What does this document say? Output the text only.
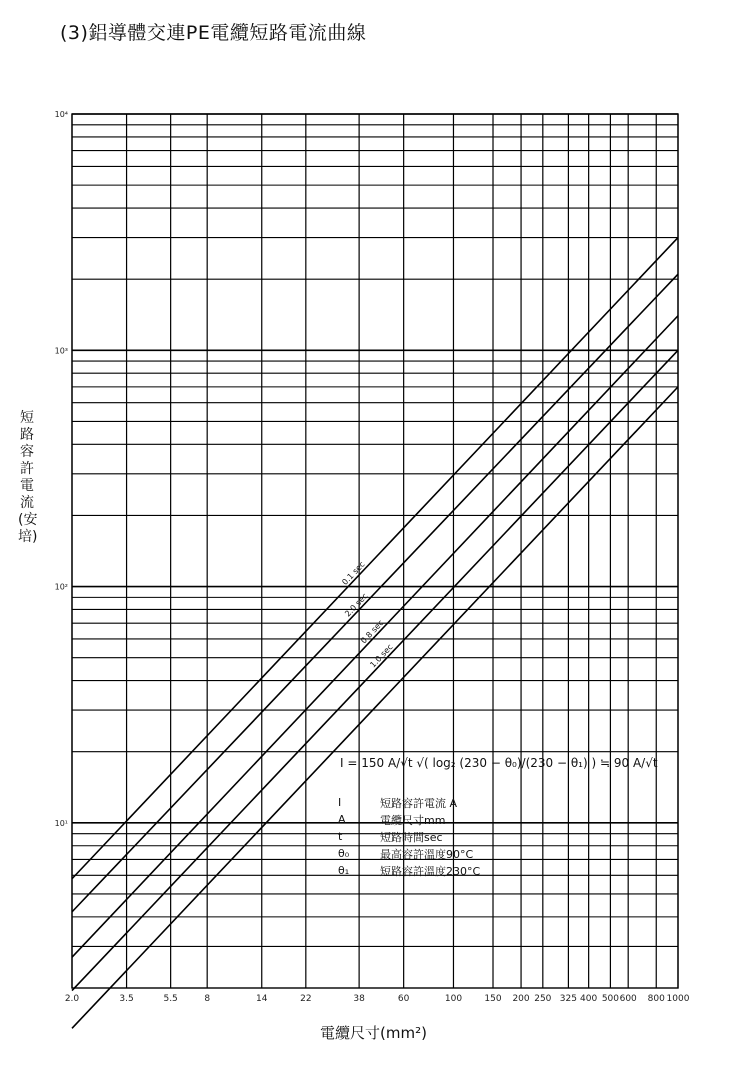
(3)鋁導體交連PE電纜短路電流曲線
0.1 sec
2.0 sec
0.8 sec
1.0 sec
2.0	3.5	5.5	8	14	22	38	60	100 150 200 250 325 400 500 600 800 1000
10¹
10²
10³
10⁴
I = 150 A/√t √( log₂ (230 − θ₀)/(230 − θ₁) ) ≒ 90 A/√t
I	短路容許電流 A
A	電纜尺寸mm
t	短路時間sec
θ₀	最高容許溫度90°C
θ₁	短路容許溫度230°C
電纜尺寸(mm²)
短路容許電流(安培)
